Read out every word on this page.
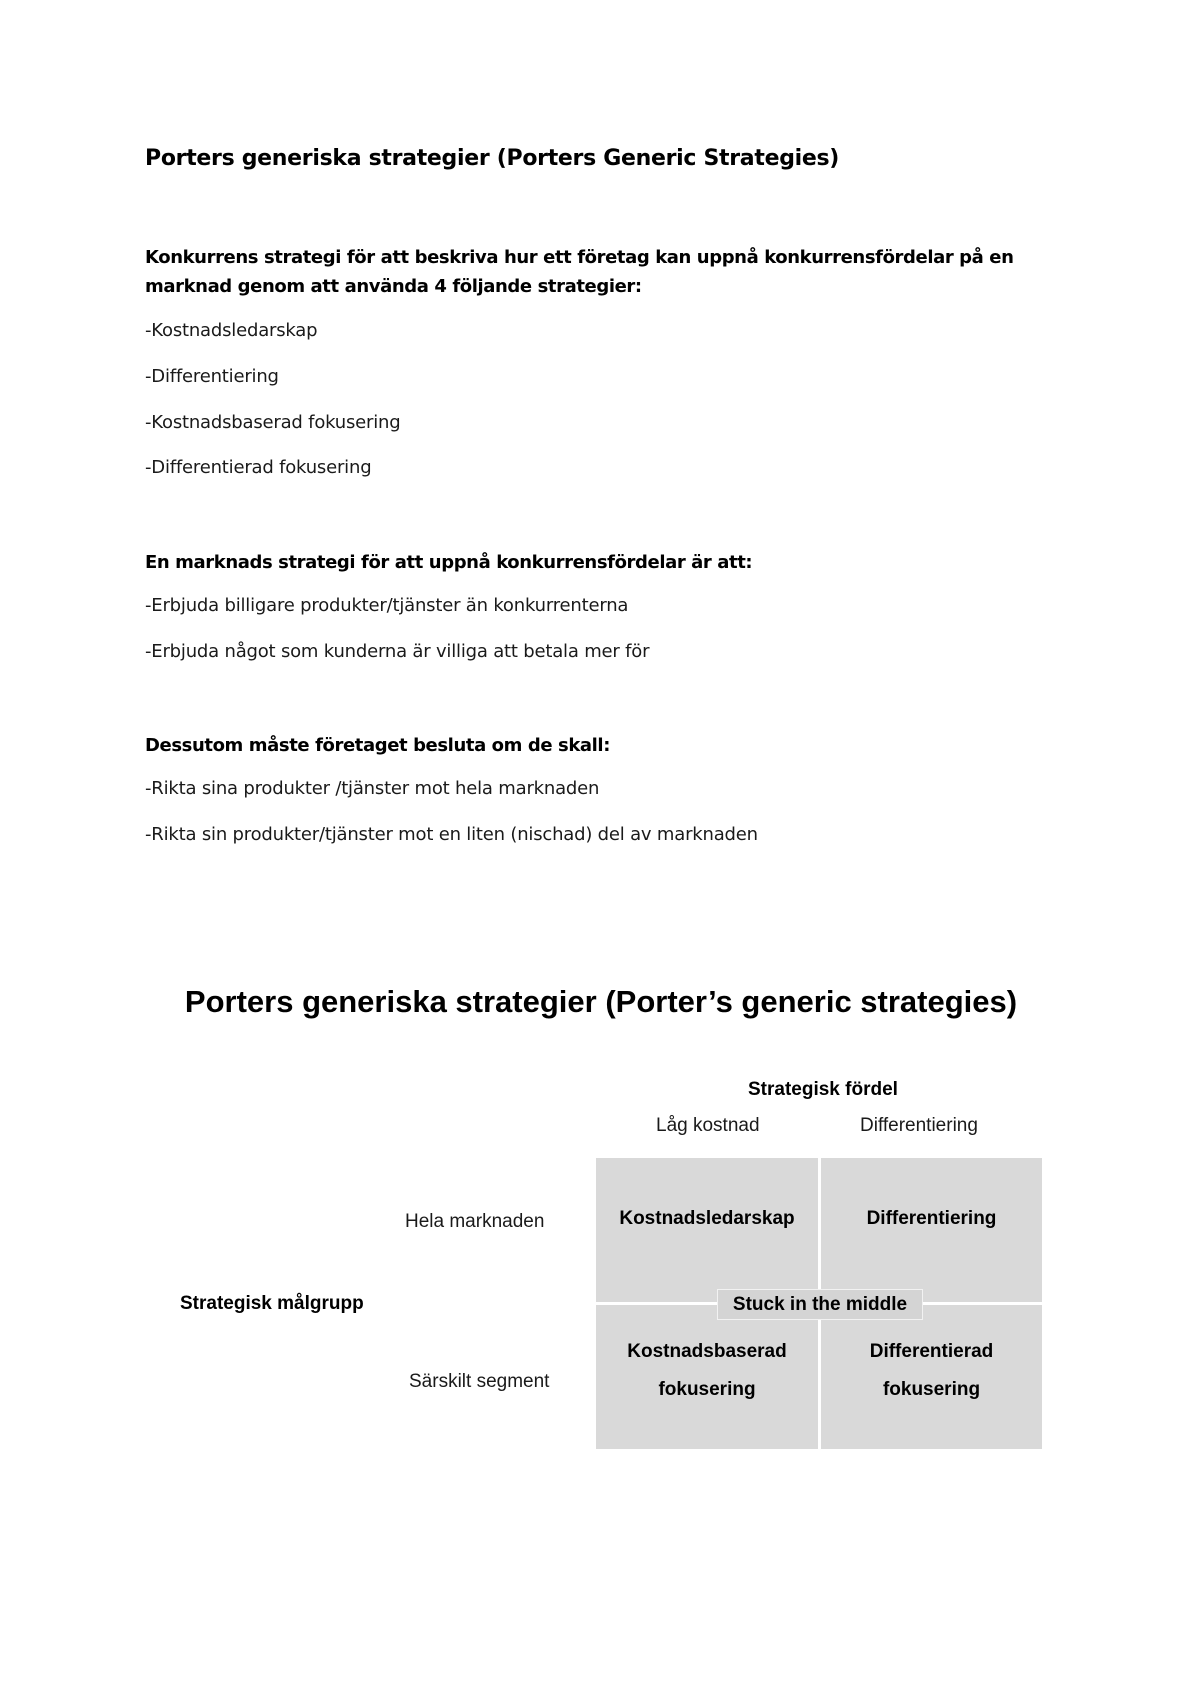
Porters generiska strategier (Porters Generic Strategies)
Konkurrens strategi för att beskriva hur ett företag kan uppnå konkurrensfördelar på en marknad genom att använda 4 följande strategier:
-Kostnadsledarskap
-Differentiering
-Kostnadsbaserad fokusering
-Differentierad fokusering
En marknads strategi för att uppnå konkurrensfördelar är att:
-Erbjuda billigare produkter/tjänster än konkurrenterna
-Erbjuda något som kunderna är villiga att betala mer för
Dessutom måste företaget besluta om de skall:
-Rikta sina produkter /tjänster mot hela marknaden
-Rikta sin produkter/tjänster mot en liten (nischad) del av marknaden
Porters generiska strategier (Porter’s generic strategies)
Strategisk fördel
Låg kostnad	Differentiering
Strategisk målgrupp
Hela marknaden
Särskilt segment
Kostnadsledarskap	Differentiering
Kostnadsbaserad fokusering
Differentierad fokusering
Stuck in the middle
